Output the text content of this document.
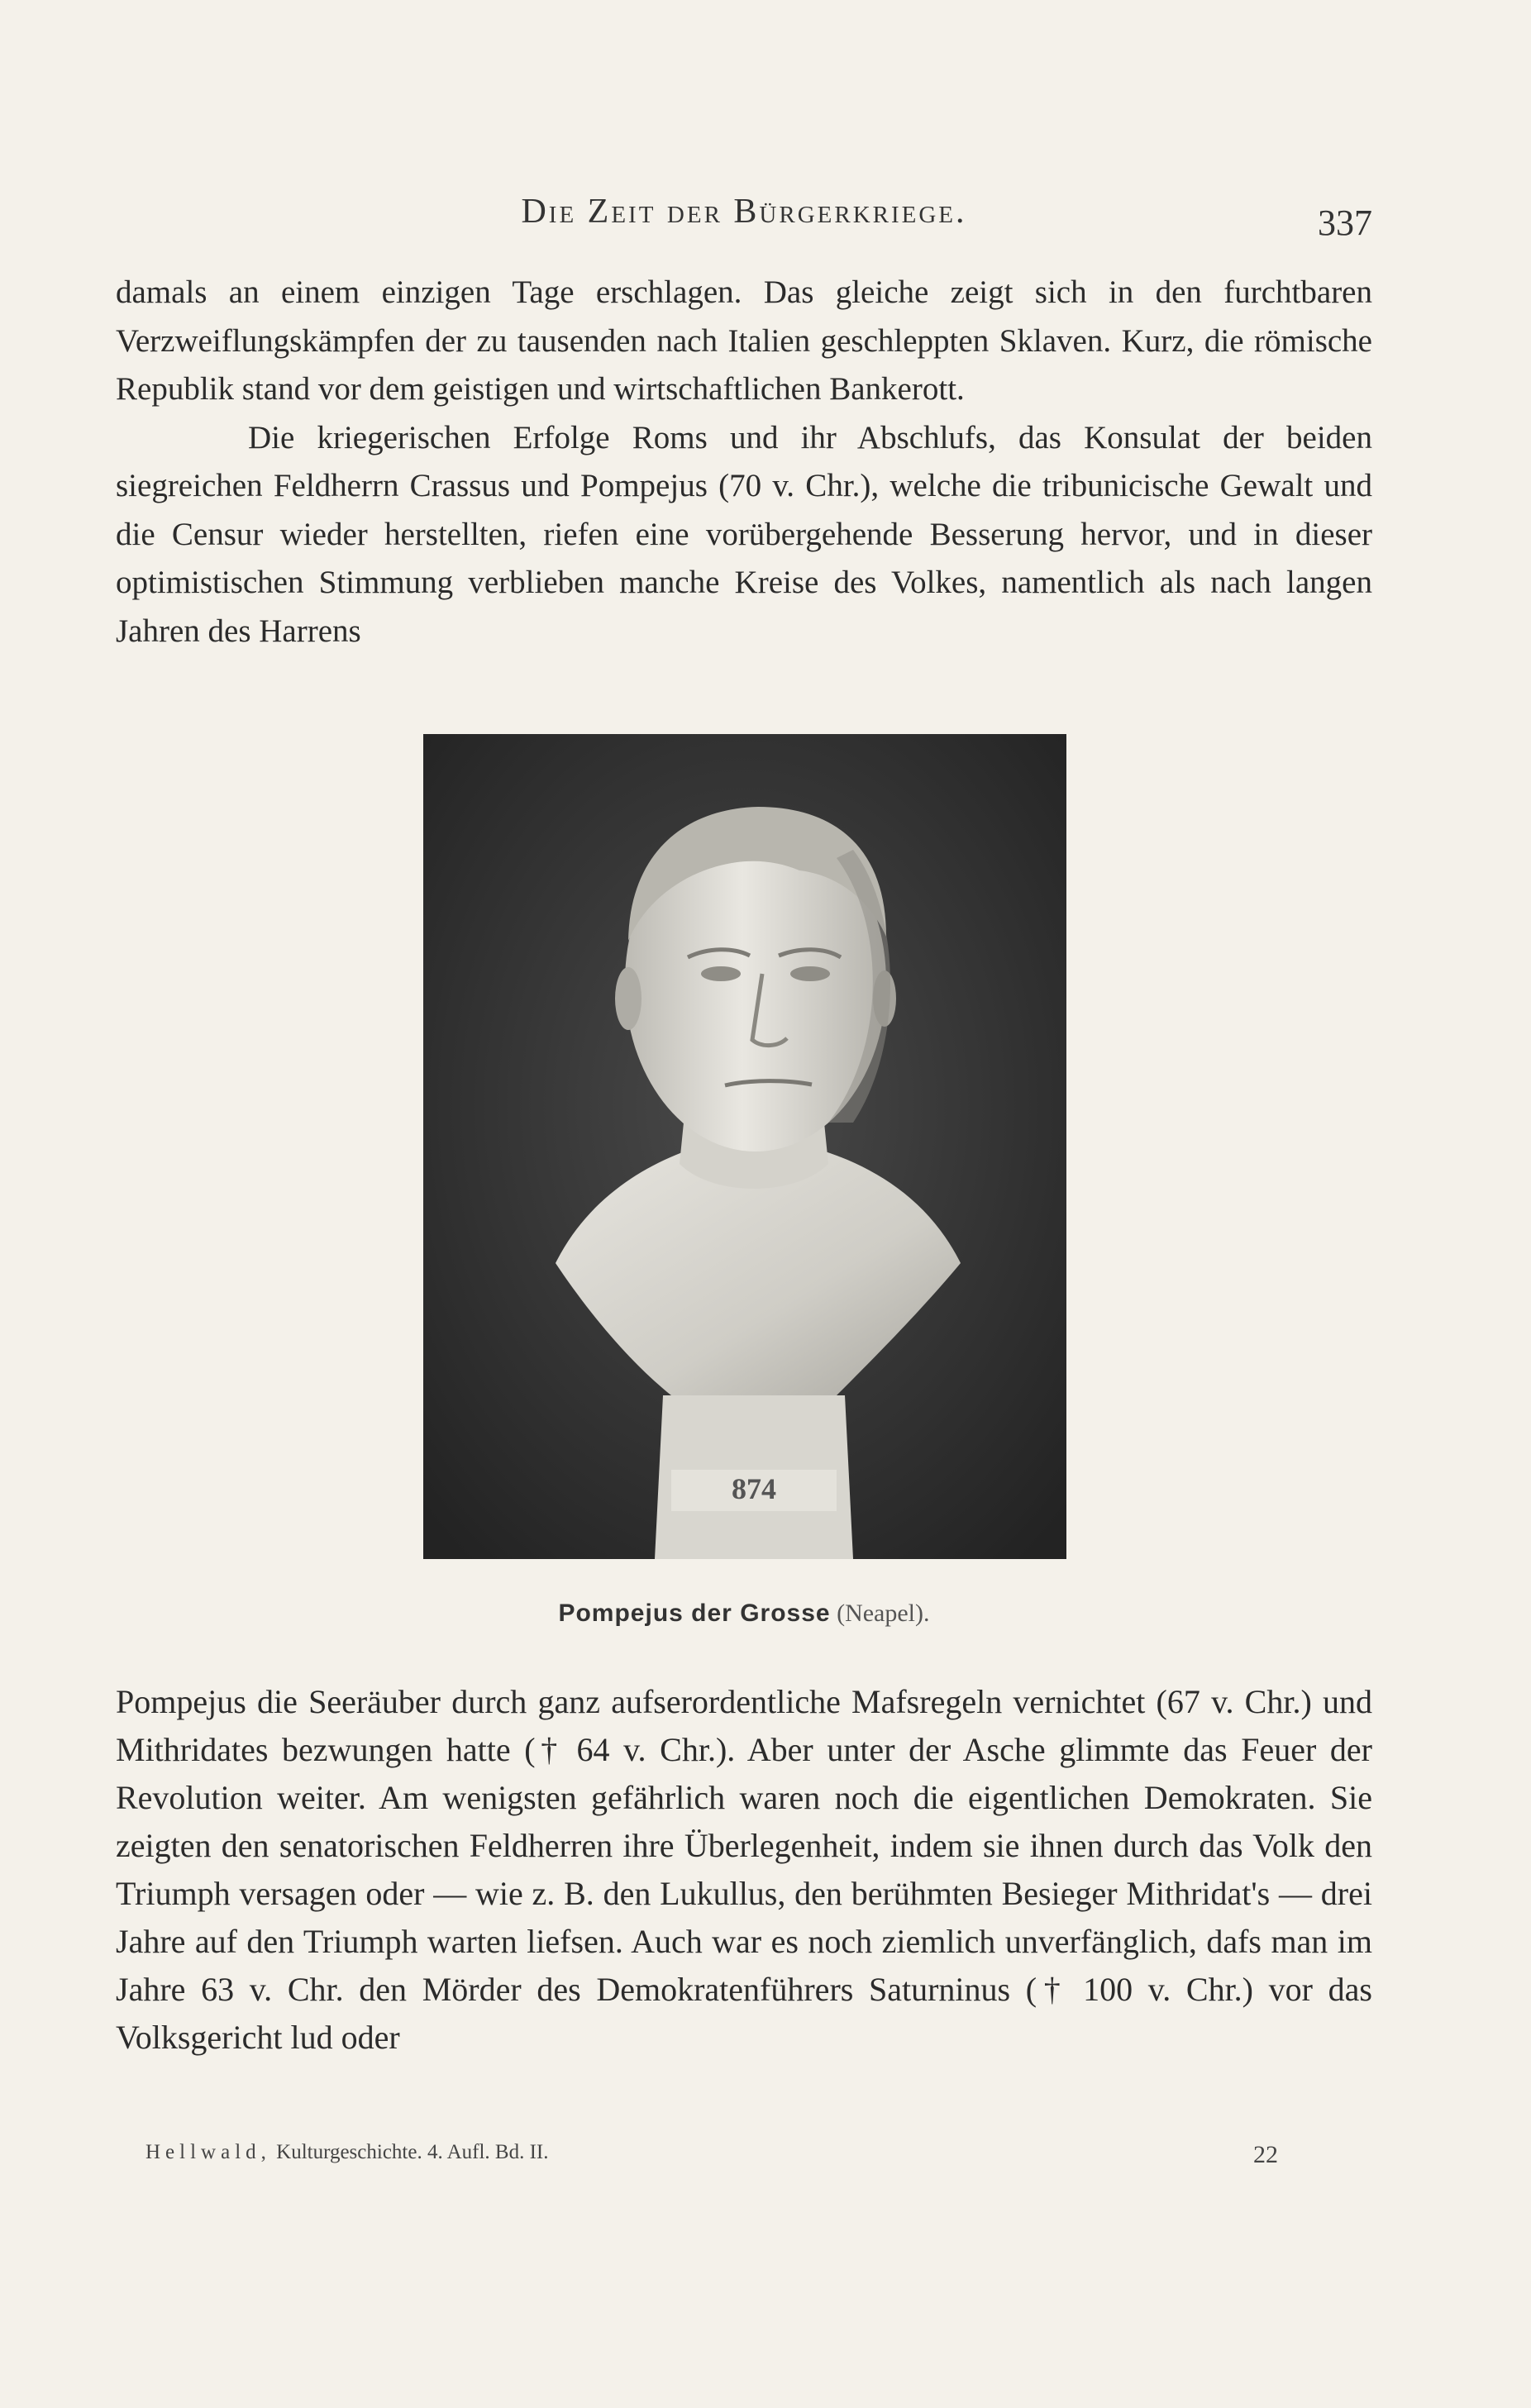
Die Zeit der Bürgerkriege.	337

damals an einem einzigen Tage erschlagen. Das gleiche zeigt sich in den furchtbaren Verzweiflungskämpfen der zu tausenden nach Italien geschleppten Sklaven. Kurz, die römische Republik stand vor dem geistigen und wirtschaftlichen Bankerott.

Die kriegerischen Erfolge Roms und ihr Abschlufs, das Konsulat der beiden siegreichen Feldherrn Crassus und Pompejus (70 v. Chr.), welche die tribunicische Gewalt und die Censur wieder herstellten, riefen eine vorübergehende Besserung hervor, und in dieser optimistischen Stimmung verblieben manche Kreise des Volkes, namentlich als nach langen Jahren des Harrens

874
Pompejus der Grosse (Neapel).

Pompejus die Seeräuber durch ganz aufserordentliche Mafsregeln vernichtet (67 v. Chr.) und Mithridates bezwungen hatte († 64 v. Chr.). Aber unter der Asche glimmte das Feuer der Revolution weiter. Am wenigsten gefährlich waren noch die eigentlichen Demokraten. Sie zeigten den senatorischen Feldherren ihre Überlegenheit, indem sie ihnen durch das Volk den Triumph versagen oder — wie z. B. den Lukullus, den berühmten Besieger Mithridat's — drei Jahre auf den Triumph warten liefsen. Auch war es noch ziemlich unverfänglich, dafs man im Jahre 63 v. Chr. den Mörder des Demokratenführers Saturninus († 100 v. Chr.) vor das Volksgericht lud oder

Hellwald, Kulturgeschichte. 4. Aufl. Bd. II.	22
